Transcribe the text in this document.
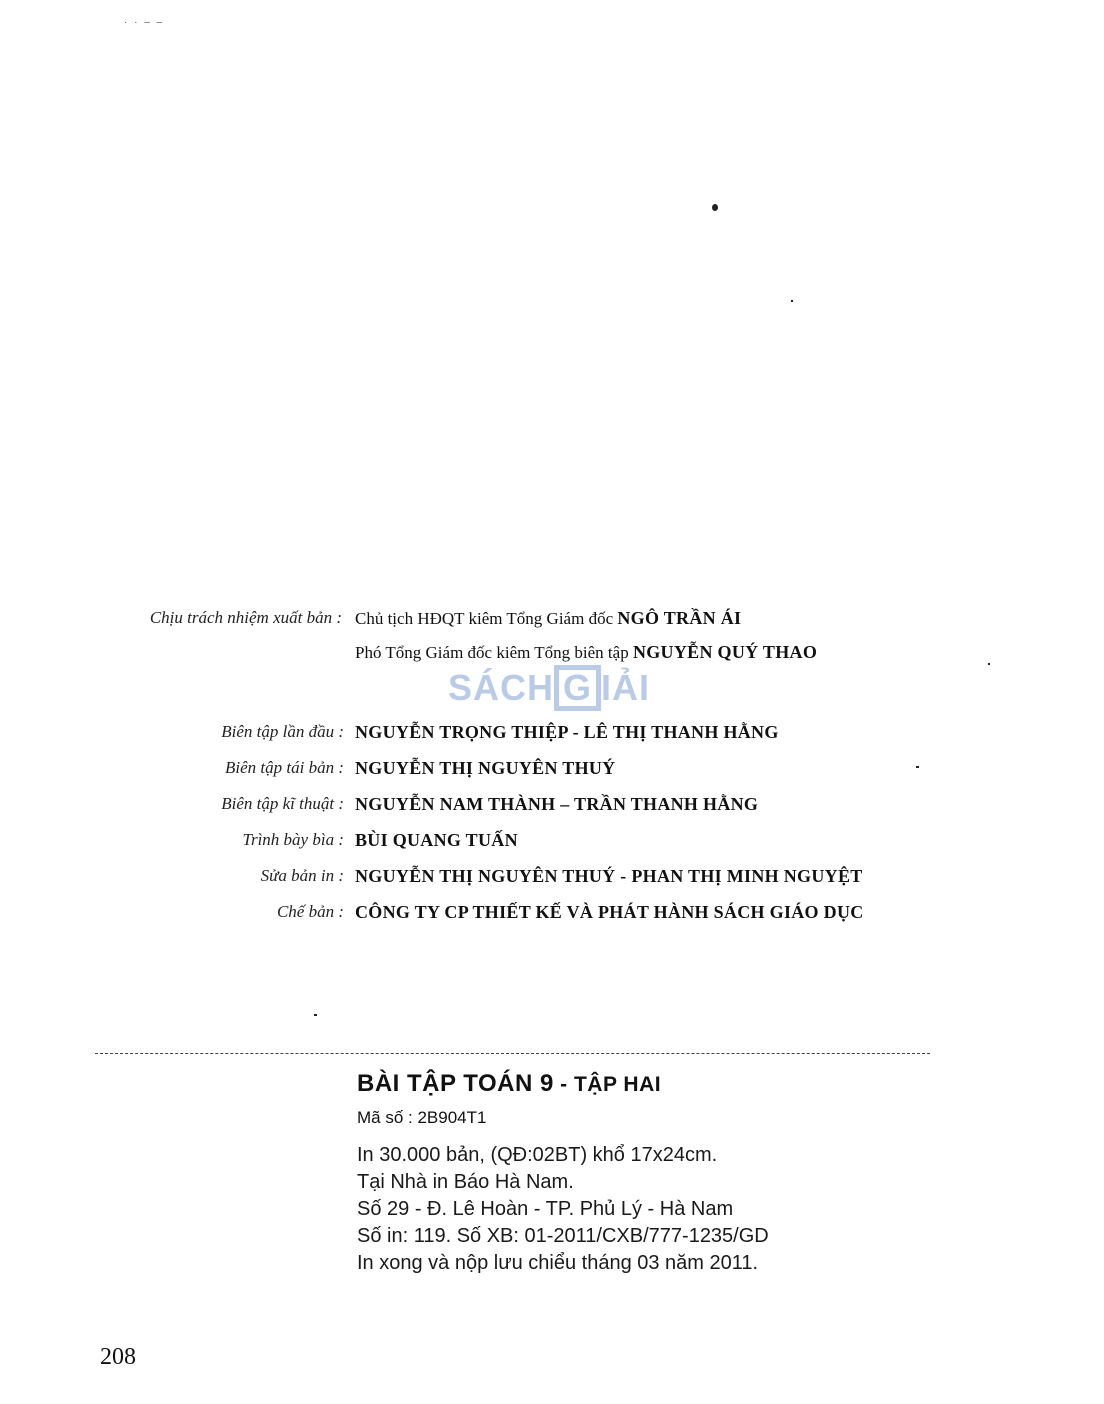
· · – –
Chịu trách nhiệm xuất bản : Chủ tịch HĐQT kiêm Tổng Giám đốc NGÔ TRẦN ÁI
Phó Tổng Giám đốc kiêm Tổng biên tập NGUYỄN QUÝ THAO
Biên tập lần đầu : NGUYỄN TRỌNG THIỆP - LÊ THỊ THANH HẰNG
Biên tập tái bản : NGUYỄN THỊ NGUYÊN THUÝ
Biên tập kĩ thuật : NGUYỄN NAM THÀNH – TRẦN THANH HẰNG
Trình bày bìa : BÙI QUANG TUẤN
Sửa bản in : NGUYỄN THỊ NGUYÊN THUÝ - PHAN THỊ MINH NGUYỆT
Chế bản : CÔNG TY CP THIẾT KẾ VÀ PHÁT HÀNH SÁCH GIÁO DỤC
SÁCH G IẢI
BÀI TẬP TOÁN 9 - TẬP HAI
Mã số : 2B904T1
In 30.000 bản, (QĐ:02BT) khổ 17x24cm.
Tại Nhà in Báo Hà Nam.
Số 29 - Đ. Lê Hoàn - TP. Phủ Lý - Hà Nam
Số in: 119. Số XB: 01-2011/CXB/777-1235/GD
In xong và nộp lưu chiểu tháng 03 năm 2011.
208
